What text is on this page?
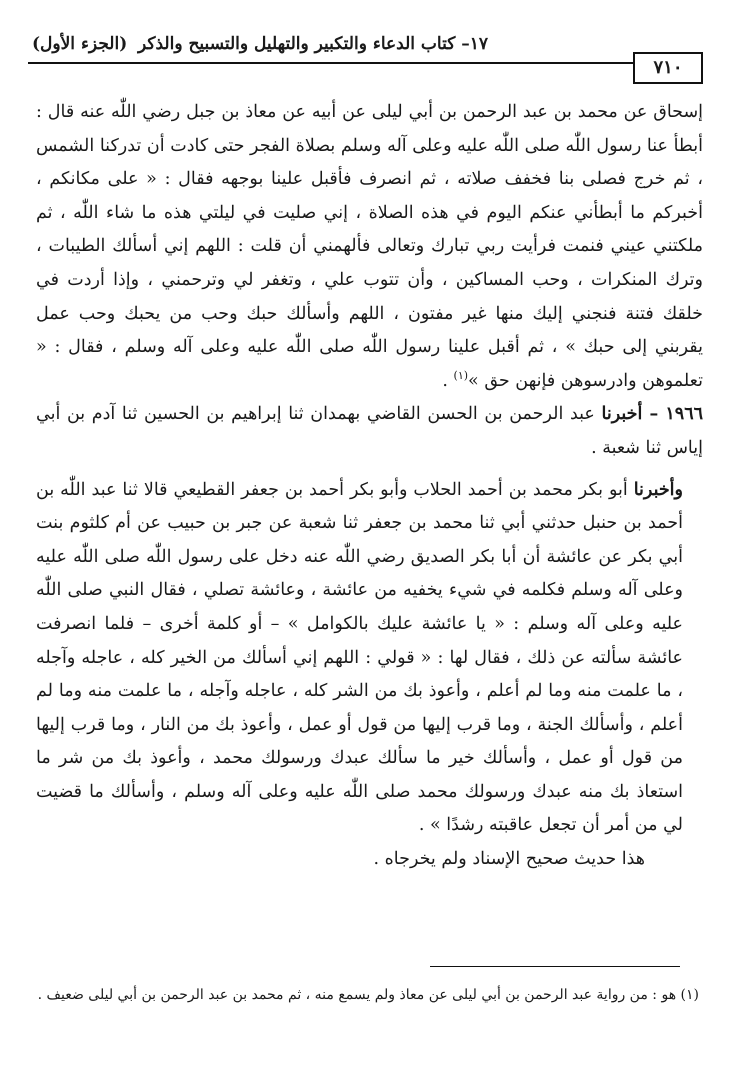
١٧– كتاب الدعاء والتكبير والتهليل والتسبيح والذكر
(الجزء الأول)
٧١٠

إسحاق عن محمد بن عبد الرحمن بن أبي ليلى عن أبيه عن معاذ بن جبل رضي اللّٰه عنه قال : أبطأ عنا رسول اللّٰه صلى اللّٰه عليه وعلى آله وسلم بصلاة الفجر حتى كادت أن تدركنا الشمس ، ثم خرج فصلى بنا فخفف صلاته ، ثم انصرف فأقبل علينا بوجهه فقال : « على مكانكم ، أخبركم ما أبطأني عنكم اليوم في هذه الصلاة ، إني صليت في ليلتي هذه ما شاء اللّٰه ، ثم ملكتني عيني فنمت فرأيت ربي تبارك وتعالى فألهمني أن قلت : اللهم إني أسألك الطيبات ، وترك المنكرات ، وحب المساكين ، وأن تتوب علي ، وتغفر لي وترحمني ، وإذا أردت في خلقك فتنة فنجني إليك منها غير مفتون ، اللهم وأسألك حبك وحب من يحبك وحب عمل يقربني إلى حبك » ، ثم أقبل علينا رسول اللّٰه صلى اللّٰه عليه وعلى آله وسلم ، فقال : « تعلموهن وادرسوهن فإنهن حق »$^{(١)}$ .

١٩٦٦ – أخبرنا عبد الرحمن بن الحسن القاضي بهمدان ثنا إبراهيم بن الحسين ثنا آدم بن أبي إياس ثنا شعبة .

وأخبرنا أبو بكر محمد بن أحمد الحلاب وأبو بكر أحمد بن جعفر القطيعي قالا ثنا عبد اللّٰه بن أحمد بن حنبل حدثني أبي ثنا محمد بن جعفر ثنا شعبة عن جبر بن حبيب عن أم كلثوم بنت أبي بكر عن عائشة أن أبا بكر الصديق رضي اللّٰه عنه دخل على رسول اللّٰه صلى اللّٰه عليه وعلى آله وسلم فكلمه في شيء يخفيه من عائشة ، وعائشة تصلي ، فقال النبي صلى اللّٰه عليه وعلى آله وسلم : « يا عائشة عليك بالكوامل » – أو كلمة أخرى – فلما انصرفت عائشة سألته عن ذلك ، فقال لها : « قولي : اللهم إني أسألك من الخير كله ، عاجله وآجله ، ما علمت منه وما لم أعلم ، وأعوذ بك من الشر كله ، عاجله وآجله ، ما علمت منه وما لم أعلم ، وأسألك الجنة ، وما قرب إليها من قول أو عمل ، وأعوذ بك من النار ، وما قرب إليها من قول أو عمل ، وأسألك خير ما سألك عبدك ورسولك محمد ، وأعوذ بك من شر ما استعاذ بك منه عبدك ورسولك محمد صلى اللّٰه عليه وعلى آله وسلم ، وأسألك ما قضيت لي من أمر أن تجعل عاقبته رشدًا » .

هذا حديث صحيح الإسناد ولم يخرجاه .

(١) هو : من رواية عبد الرحمن بن أبي ليلى عن معاذ ولم يسمع منه ، ثم محمد بن عبد الرحمن بن أبي ليلى ضعيف .
